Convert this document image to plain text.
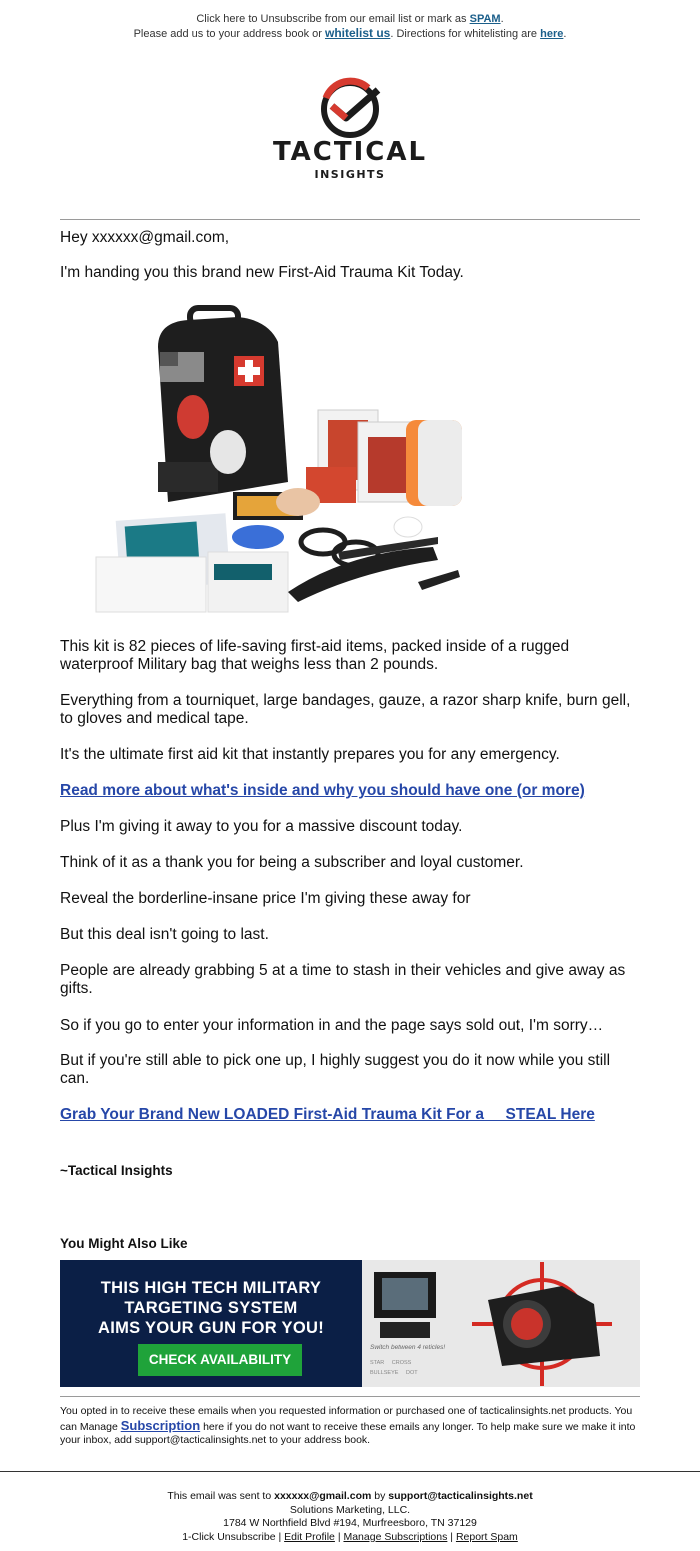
Click here to Unsubscribe from our email list or mark as SPAM.
Please add us to your address book or whitelist us. Directions for whitelisting are here.
TACTICAL
INSIGHTS
Hey xxxxxx@gmail.com,
I'm handing you this brand new First-Aid Trauma Kit Today.
This kit is 82 pieces of life-saving first-aid items, packed inside of a rugged waterproof Military bag that weighs less than 2 pounds.
Everything from a tourniquet, large bandages, gauze, a razor sharp knife, burn gell, to gloves and medical tape.
It's the ultimate first aid kit that instantly prepares you for any emergency.
Read more about what's inside and why you should have one (or more)
Plus I'm giving it away to you for a massive discount today.
Think of it as a thank you for being a subscriber and loyal customer.
Reveal the borderline-insane price I'm giving these away for
But this deal isn't going to last.
People are already grabbing 5 at a time to stash in their vehicles and give away as gifts.
So if you go to enter your information in and the page says sold out, I'm sorry…
But if you're still able to pick one up, I highly suggest you do it now while you still can.
Grab Your Brand New LOADED First-Aid Trauma Kit For a     STEAL Here
~Tactical Insights
You Might Also Like
THIS HIGH TECH MILITARY
TARGETING SYSTEM
AIMS YOUR GUN FOR YOU!
CHECK AVAILABILITY
Switch between 4 reticles!
STAR CROSS
BULLSEYE DOT
You opted in to receive these emails when you requested information or purchased one of tacticalinsights.net products. You can Manage Subscription here if you do not want to receive these emails any longer. To help make sure we make it into your inbox, add support@tacticalinsights.net to your address book.
This email was sent to xxxxxx@gmail.com by support@tacticalinsights.net
Solutions Marketing, LLC.
1784 W Northfield Blvd #194, Murfreesboro, TN 37129
1-Click Unsubscribe | Edit Profile | Manage Subscriptions | Report Spam
